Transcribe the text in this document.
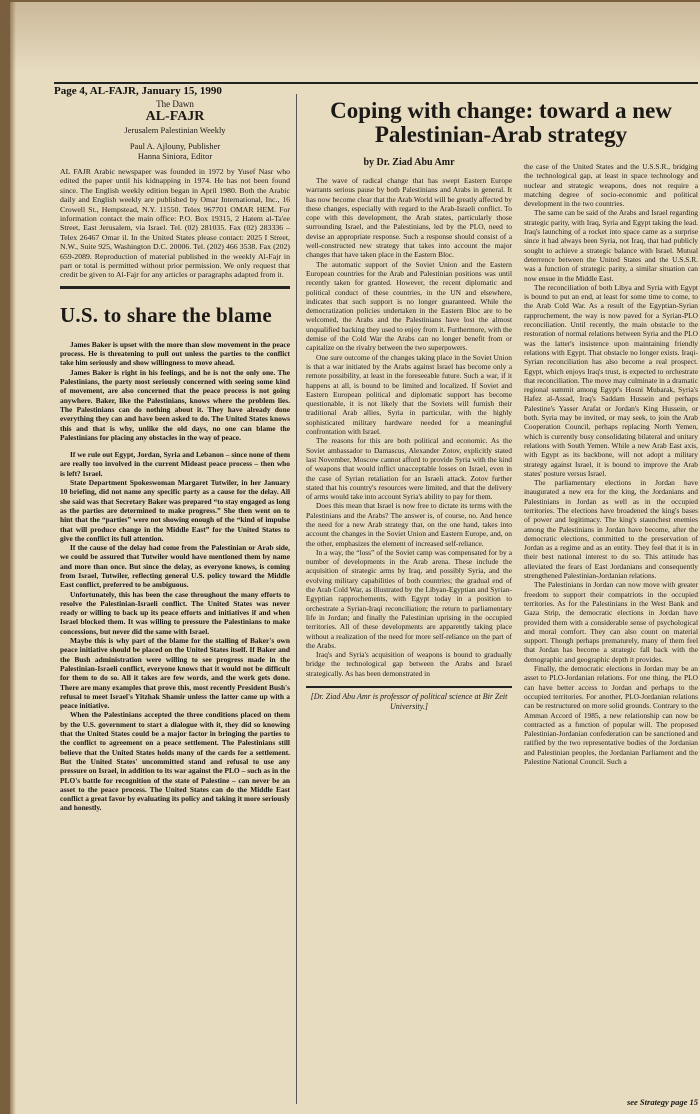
Page 4, AL-FAJR, January 15, 1990
The Dawn
AL-FAJR
Jerusalem Palestinian Weekly
Paul A. Ajlouny, Publisher
Hanna Siniora, Editor
AL FAJR Arabic newspaper was founded in 1972 by Yusef Nasr who edited the paper until his kidnapping in 1974. He has not been found since. The English weekly edition began in April 1980. Both the Arabic daily and English weekly are published by Omar International, Inc., 16 Crowell St., Hempstead, N.Y. 11550. Telex 967701 OMAR HEM. For information contact the main office: P.O. Box 19315, 2 Hatem al-Ta'ee Street, East Jerusalem, via Israel. Tel. (02) 281035. Fax (02) 283336 – Telex 26467 Omar il. In the United States please contact: 2025 I Street, N.W., Suite 925, Washington D.C. 20006. Tel. (202) 466 3538. Fax (202) 659-2089. Reproduction of material published in the weekly Al-Fajr in part or total is permitted without prior permission. We only request that credit be given to Al-Fajr for any articles or paragraphs adapted from it.
U.S. to share the blame

James Baker is upset with the more than slow movement in the peace process. He is threatening to pull out unless the parties to the conflict take him seriously and show willingness to move ahead.

James Baker is right in his feelings, and he is not the only one. The Palestinians, the party most seriously concerned with seeing some kind of movement, are also concerned that the peace process is not going anywhere. Baker, like the Palestinians, knows where the problem lies. The Palestinians can do nothing about it. They have already done everything they can and have been asked to do. The United States knows this and that is why, unlike the old days, no one can blame the Palestinians for placing any obstacles in the way of peace.

If we rule out Egypt, Jordan, Syria and Lebanon – since none of them are really too involved in the current Mideast peace process – then who is left? Israel.

State Department Spokeswoman Margaret Tutwiler, in her January 10 briefing, did not name any specific party as a cause for the delay. All she said was that Secretary Baker was prepared “to stay engaged as long as the parties are determined to make progress.” She then went on to hint that the “parties” were not showing enough of the “kind of impulse that will produce change in the Middle East” for the United States to give the conflict its full attention.

If the cause of the delay had come from the Palestinian or Arab side, we could be assured that Tutwiler would have mentioned them by name and more than once. But since the delay, as everyone knows, is coming from Israel, Tutwiler, reflecting general U.S. policy toward the Middle East conflict, preferred to be ambiguous.

Unfortunately, this has been the case throughout the many efforts to resolve the Palestinian-Israeli conflict. The United States was never ready or willing to back up its peace efforts and initiatives if and when Israel blocked them. It was willing to pressure the Palestinians to make concessions, but never did the same with Israel.

Maybe this is why part of the blame for the stalling of Baker's own peace initiative should be placed on the United States itself. If Baker and the Bush administration were willing to see progress made in the Palestinian-Israeli conflict, everyone knows that it would not be difficult for them to do so. All it takes are few words, and the work gets done. There are many examples that prove this, most recently President Bush's refusal to meet Israel's Yitzhak Shamir unless the latter came up with a peace initiative.

When the Palestinians accepted the three conditions placed on them by the U.S. government to start a dialogue with it, they did so knowing that the United States could be a major factor in bringing the parties to the conflict to agreement on a peace settlement. The Palestinians still believe that the United States holds many of the cards for a settlement. But the United States' uncommitted stand and refusal to use any pressure on Israel, in addition to its war against the PLO – such as in the PLO's battle for recognition of the state of Palestine – can never be an asset to the peace process. The United States can do the Middle East conflict a great favor by evaluating its policy and taking it more seriously and honestly.

Coping with change: toward a new Palestinian-Arab strategy
by Dr. Ziad Abu Amr

The wave of radical change that has swept Eastern Europe warrants serious pause by both Palestinians and Arabs in general. It has now become clear that the Arab World will be greatly affected by these changes, especially with regard to the Arab-Israeli conflict. To cope with this development, the Arab states, particularly those surrounding Israel, and the Palestinians, led by the PLO, need to devise an appropriate response. Such a response should consist of a well-constructed new strategy that takes into account the major changes that have taken place in the Eastern Bloc.

The automatic support of the Soviet Union and the Eastern European countries for the Arab and Palestinian positions was until recently taken for granted. However, the recent diplomatic and political conduct of these countries, in the UN and elsewhere, indicates that such support is no longer guaranteed. While the democratization policies undertaken in the Eastern Bloc are to be welcomed, the Arabs and the Palestinians have lost the almost unqualified backing they used to enjoy from it. Furthermore, with the demise of the Cold War the Arabs can no longer benefit from or capitalize on the rivalry between the two superpowers.

One sure outcome of the changes taking place in the Soviet Union is that a war initiated by the Arabs against Israel has become only a remote possibility, at least in the foreseeable future. Such a war, if it happens at all, is bound to be limited and localized. If Soviet and Eastern European political and diplomatic support has become questionable, it is not likely that the Soviets will furnish their traditional Arab allies, Syria in particular, with the highly sophisticated military hardware needed for a meaningful confrontation with Israel.

The reasons for this are both political and economic. As the Soviet ambassador to Damascus, Alexander Zotov, explicitly stated last November, Moscow cannot afford to provide Syria with the kind of weapons that would inflict unacceptable losses on Israel, even in the case of Syrian retaliation for an Israeli attack. Zotov further stated that his country's resources were limited, and that the delivery of arms would take into account Syria's ability to pay for them.

Does this mean that Israel is now free to dictate its terms with the Palestinians and the Arabs? The answer is, of course, no. And hence the need for a new Arab strategy that, on the one hand, takes into account the changes in the Soviet Union and Eastern Europe, and, on the other, emphasizes the element of increased self-reliance.

In a way, the “loss” of the Soviet camp was compensated for by a number of developments in the Arab arena. These include the acquisition of strategic arms by Iraq, and possibly Syria, and the evolving military capabilities of both countries; the gradual end of the Arab Cold War, as illustrated by the Libyan-Egyptian and Syrian-Egyptian rapprochements, with Egypt today in a position to orchestrate a Syrian-Iraqi reconciliation; the return to parliamentary life in Jordan; and finally the Palestinian uprising in the occupied territories. All of these developments are apparently taking place without a realization of the need for more self-reliance on the part of the Arabs.

Iraq's and Syria's acquisition of weapons is bound to gradually bridge the technological gap between the Arabs and Israel strategically. As has been demonstrated in

[Dr. Ziad Abu Amr is professor of political science at Bir Zeit University.]

the case of the United States and the U.S.S.R., bridging the technological gap, at least in space technology and nuclear and strategic weapons, does not require a matching degree of socio-economic and political development in the two countries.

The same can be said of the Arabs and Israel regarding strategic parity, with Iraq, Syria and Egypt taking the lead. Iraq's launching of a rocket into space came as a surprise since it had always been Syria, not Iraq, that had publicly sought to achieve a strategic balance with Israel. Mutual deterrence between the United States and the U.S.S.R. was a function of strategic parity, a similar situation can now ensue in the Middle East.

The reconciliation of both Libya and Syria with Egypt is bound to put an end, at least for some time to come, to the Arab Cold War. As a result of the Egyptian-Syrian rapprochement, the way is now paved for a Syrian-PLO reconciliation. Until recently, the main obstacle to the restoration of normal relations between Syria and the PLO was the latter's insistence upon maintaining friendly relations with Egypt. That obstacle no longer exists. Iraqi-Syrian reconciliation has also become a real prospect. Egypt, which enjoys Iraq's trust, is expected to orchestrate that reconciliation. The move may culminate in a dramatic regional summit among Egypt's Hosni Mubarak, Syria's Hafez al-Assad, Iraq's Saddam Hussein and perhaps Palestine's Yasser Arafat or Jordan's King Hussein, or both. Syria may be invited, or may seek, to join the Arab Cooperation Council, perhaps replacing North Yemen, which is currently busy consolidating bilateral and unitary relations with South Yemen. While a new Arab East axis, with Egypt as its backbone, will not adopt a military strategy against Israel, it is bound to improve the Arab states' posture versus Israel.

The parliamentary elections in Jordan have inaugurated a new era for the king, the Jordanians and Palestinians in Jordan as well as in the occupied territories. The elections have broadened the king's bases of power and legitimacy. The king's staunchest enemies among the Palestinians in Jordan have become, after the democratic elections, committed to the preservation of Jordan as a regime and as an entity. They feel that it is in their best national interest to do so. This attitude has alleviated the fears of East Jordanians and consequently strengthened Palestinian-Jordanian relations.

The Palestinians in Jordan can now move with greater freedom to support their compatriots in the occupied territories. As for the Palestinians in the West Bank and Gaza Strip, the democratic elections in Jordan have provided them with a considerable sense of psychological and moral comfort. They can also count on material support. Though perhaps prematurely, many of them feel that Jordan has become a strategic fall back with the demographic and geographic depth it provides.

Finally, the democratic elections in Jordan may be an asset to PLO-Jordanian relations. For one thing, the PLO can have better access to Jordan and perhaps to the occupied territories. For another, PLO-Jordanian relations can be restructured on more solid grounds. Contrary to the Amman Accord of 1985, a new relationship can now be contracted as a function of popular will. The proposed Palestinian-Jordanian confederation can be sanctioned and ratified by the two representative bodies of the Jordanian and Palestinian peoples, the Jordanian Parliament and the Palestine National Council. Such a

see Strategy page 15
